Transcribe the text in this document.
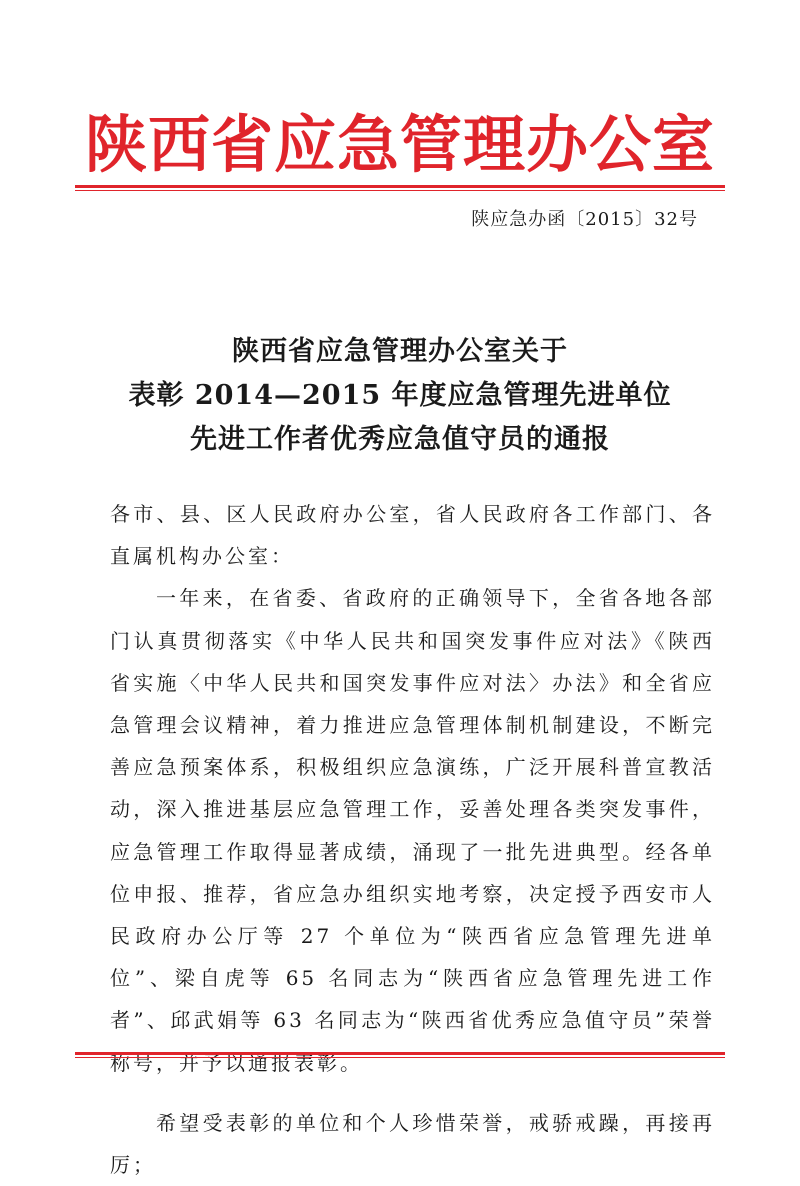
陕西省应急管理办公室
陕应急办函〔2015〕32号
陕西省应急管理办公室关于
表彰 2014—2015 年度应急管理先进单位
先进工作者优秀应急值守员的通报

各市、县、区人民政府办公室，省人民政府各工作部门、各直属机构办公室：

一年来，在省委、省政府的正确领导下，全省各地各部门认真贯彻落实《中华人民共和国突发事件应对法》《陕西省实施〈中华人民共和国突发事件应对法〉办法》和全省应急管理会议精神，着力推进应急管理体制机制建设，不断完善应急预案体系，积极组织应急演练，广泛开展科普宣教活动，深入推进基层应急管理工作，妥善处理各类突发事件，应急管理工作取得显著成绩，涌现了一批先进典型。经各单位申报、推荐，省应急办组织实地考察，决定授予西安市人民政府办公厅等 27 个单位为“陕西省应急管理先进单位”、梁自虎等 65 名同志为“陕西省应急管理先进工作者”、邱武娟等 63 名同志为“陕西省优秀应急值守员”荣誉称号，并予以通报表彰。

希望受表彰的单位和个人珍惜荣誉，戒骄戒躁，再接再厉；
